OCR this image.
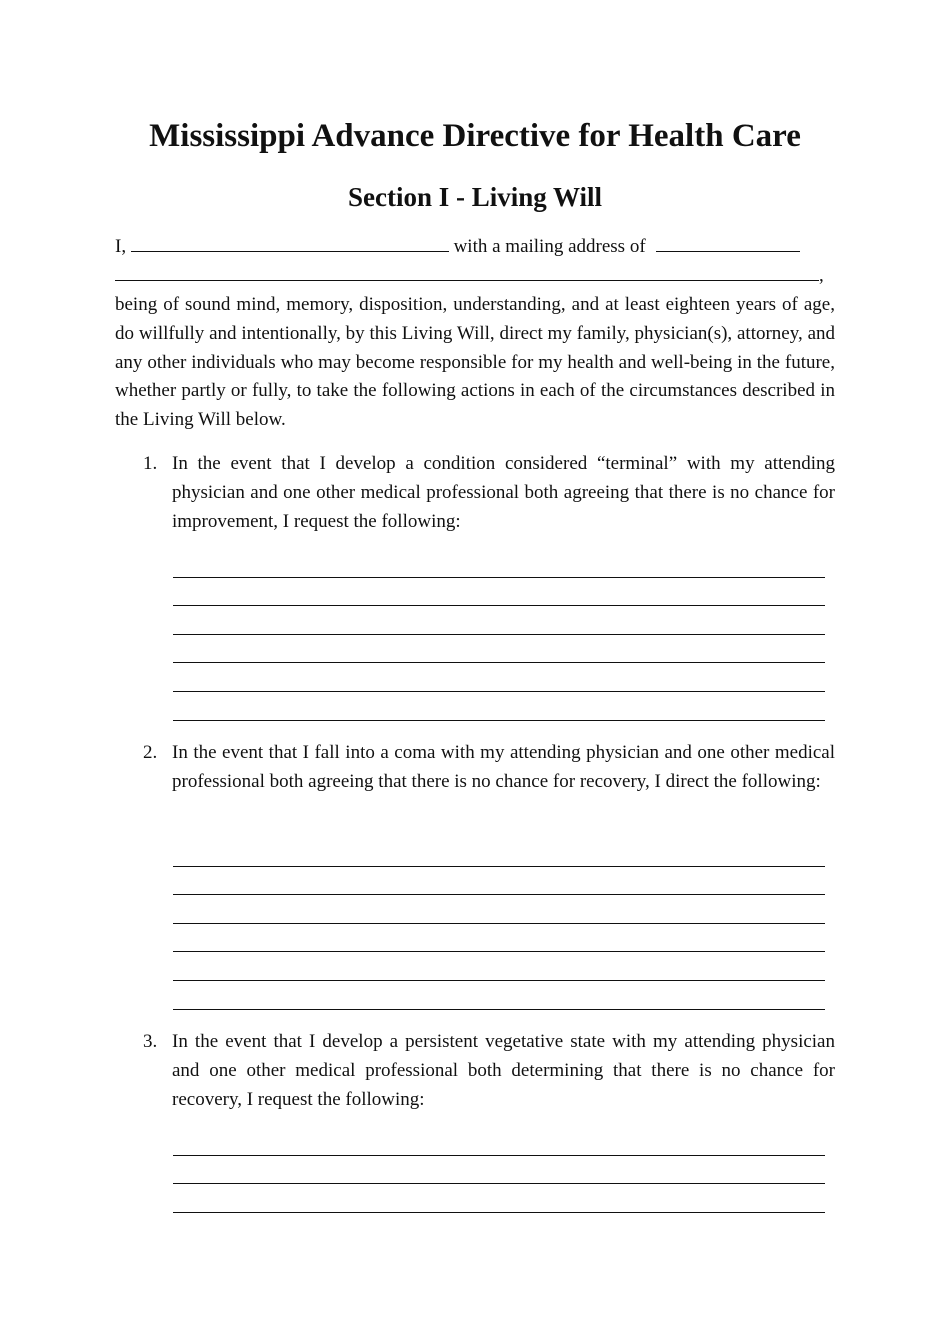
Mississippi Advance Directive for Health Care
Section I - Living Will
I,	with a mailing address of
,

being of sound mind, memory, disposition, understanding, and at least eighteen years of age, do willfully and intentionally, by this Living Will, direct my family, physician(s), attorney, and any other individuals who may become responsible for my health and well-being in the future, whether partly or fully, to take the following actions in each of the circumstances described in the Living Will below.

1. In the event that I develop a condition considered “terminal” with my attending physician and one other medical professional both agreeing that there is no chance for improvement, I request the following:

2. In the event that I fall into a coma with my attending physician and one other medical professional both agreeing that there is no chance for recovery, I direct the following:

3. In the event that I develop a persistent vegetative state with my attending physician and one other medical professional both determining that there is no chance for recovery, I request the following:
